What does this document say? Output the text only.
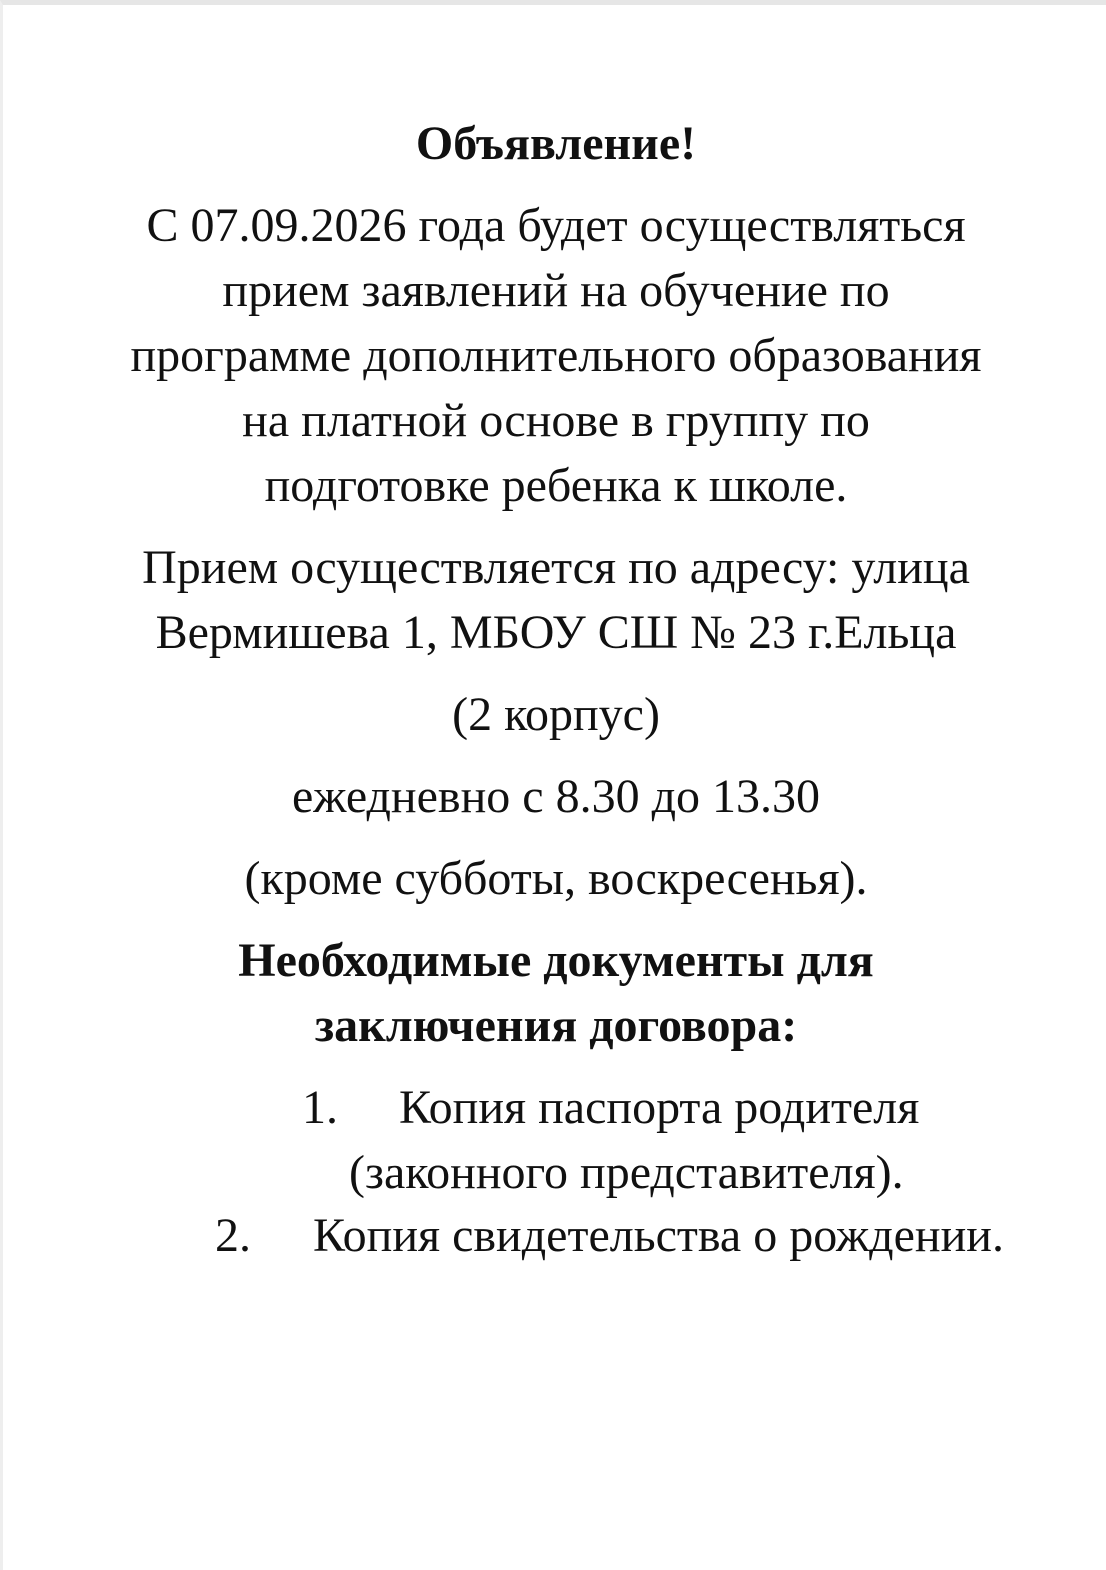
Объявление!

С 07.09.2026 года будет осуществляться

прием заявлений на обучение по

программе дополнительного образования

на платной основе в группу по

подготовке ребенка к школе.

Прием осуществляется по адресу: улица

Вермишева 1, МБОУ СШ № 23 г.Ельца

(2 корпус)

ежедневно с 8.30 до 13.30

(кроме субботы, воскресенья).

Необходимые документы для
заключения договора:
1. Копия паспорта родителя
(законного представителя).
2. Копия свидетельства о рождении.
